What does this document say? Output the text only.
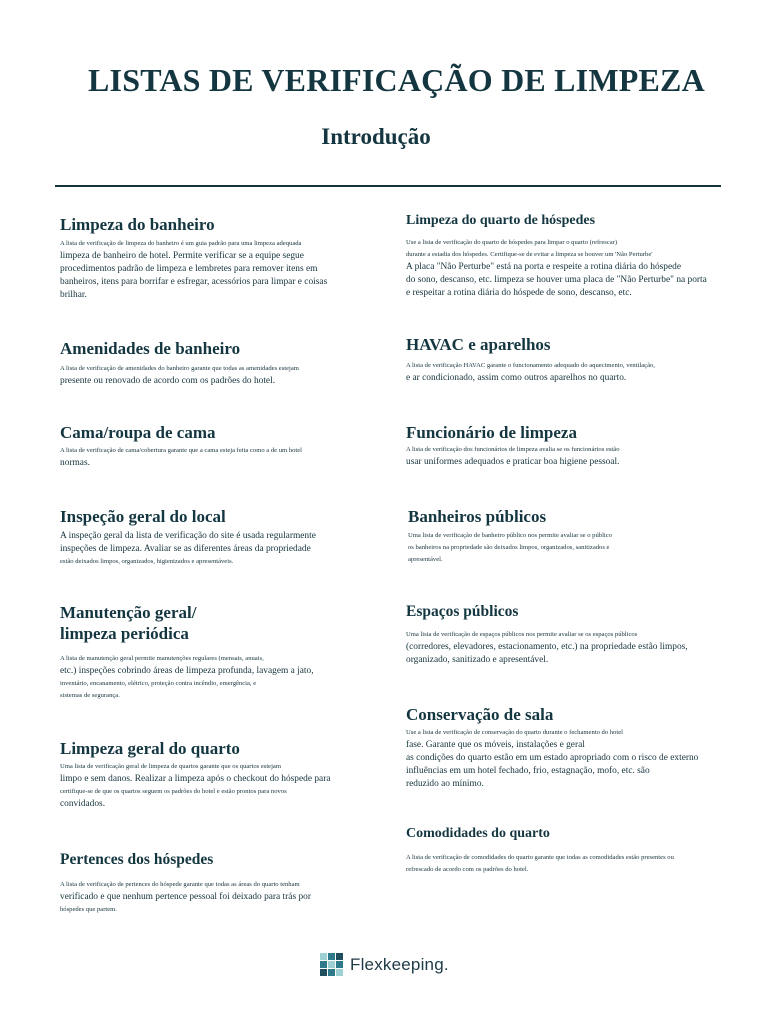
LISTAS DE VERIFICAÇÃO DE LIMPEZA
Introdução
Limpeza do banheiro

A lista de verificação de limpeza do banheiro é um guia padrão para uma limpeza adequada

limpeza de banheiro de hotel. Permite verificar se a equipe segue

procedimentos padrão de limpeza e lembretes para remover itens em

banheiros, itens para borrifar e esfregar, acessórios para limpar e coisas

brilhar.

Amenidades de banheiro

A lista de verificação de amenidades do banheiro garante que todas as amenidades estejam

presente ou renovado de acordo com os padrões do hotel.

Cama/roupa de cama

A lista de verificação de cama/cobertura garante que a cama esteja feita como a de um hotel

normas.

Inspeção geral do local

A inspeção geral da lista de verificação do site é usada regularmente

inspeções de limpeza. Avaliar se as diferentes áreas da propriedade

estão deixados limpos, organizados, higienizados e apresentáveis.

Manutenção geral/
limpeza periódica

A lista de manutenção geral permite manutenções regulares (mensais, anuais,

etc.) inspeções cobrindo áreas de limpeza profunda, lavagem a jato,

inventário, encanamento, elétrico, proteção contra incêndio, emergência, e

sistemas de segurança.

Limpeza geral do quarto

Uma lista de verificação geral de limpeza de quartos garante que os quartos estejam

limpo e sem danos. Realizar a limpeza após o checkout do hóspede para

certifique-se de que os quartos seguem os padrões do hotel e estão prontos para novos

convidados.

Pertences dos hóspedes

A lista de verificação de pertences do hóspede garante que todas as áreas do quarto tenham

verificado e que nenhum pertence pessoal foi deixado para trás por

hóspedes que partem.

Limpeza do quarto de hóspedes

Use a lista de verificação do quarto de hóspedes para limpar o quarto (refrescar)

durante a estadia dos hóspedes. Certifique-se de evitar a limpeza se houver um 'Não Perturbe'

A placa "Não Perturbe" está na porta e respeite a rotina diária do hóspede

do sono, descanso, etc. limpeza se houver uma placa de "Não Perturbe" na porta

e respeitar a rotina diária do hóspede de sono, descanso, etc.

HAVAC e aparelhos

A lista de verificação HAVAC garante o funcionamento adequado do aquecimento, ventilação,

e ar condicionado, assim como outros aparelhos no quarto.

Funcionário de limpeza

A lista de verificação dos funcionários de limpeza avalia se os funcionários estão

usar uniformes adequados e praticar boa higiene pessoal.

Banheiros públicos

Uma lista de verificação de banheiro público nos permite avaliar se o público

os banheiros na propriedade são deixados limpos, organizados, sanitizados e

apresentável.

Espaços públicos

Uma lista de verificação de espaços públicos nos permite avaliar se os espaços públicos

(corredores, elevadores, estacionamento, etc.) na propriedade estão limpos,

organizado, sanitizado e apresentável.

Conservação de sala

Use a lista de verificação de conservação do quarto durante o fechamento do hotel

fase. Garante que os móveis, instalações e geral

as condições do quarto estão em um estado apropriado com o risco de externo

influências em um hotel fechado, frio, estagnação, mofo, etc. são

reduzido ao mínimo.

Comodidades do quarto

A lista de verificação de comodidades do quarto garante que todas as comodidades estão presentes ou

refrescado de acordo com os padrões do hotel.

Flexkeeping.
